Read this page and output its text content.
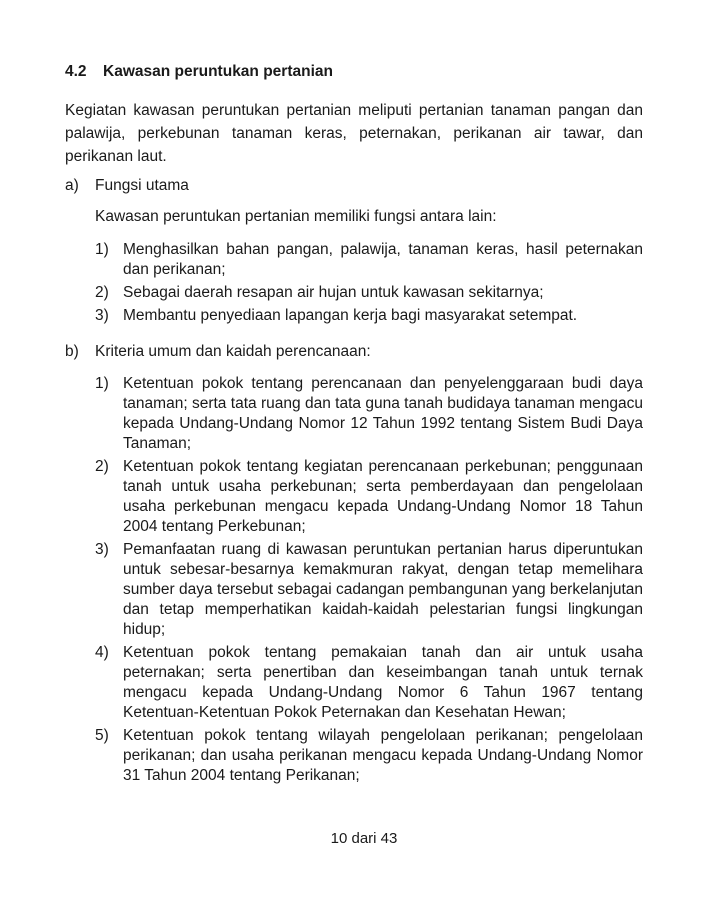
4.2 Kawasan peruntukan pertanian

Kegiatan kawasan peruntukan pertanian meliputi pertanian tanaman pangan dan palawija, perkebunan tanaman keras, peternakan, perikanan air tawar, dan perikanan laut.

a) Fungsi utama
Kawasan peruntukan pertanian memiliki fungsi antara lain:
1) Menghasilkan bahan pangan, palawija, tanaman keras, hasil peternakan dan perikanan;
2) Sebagai daerah resapan air hujan untuk kawasan sekitarnya;
3) Membantu penyediaan lapangan kerja bagi masyarakat setempat.
b) Kriteria umum dan kaidah perencanaan:
1) Ketentuan pokok tentang perencanaan dan penyelenggaraan budi daya tanaman; serta tata ruang dan tata guna tanah budidaya tanaman mengacu kepada Undang-Undang Nomor 12 Tahun 1992 tentang Sistem Budi Daya Tanaman;
2) Ketentuan pokok tentang kegiatan perencanaan perkebunan; penggunaan tanah untuk usaha perkebunan; serta pemberdayaan dan pengelolaan usaha perkebunan mengacu kepada Undang-Undang Nomor 18 Tahun 2004 tentang Perkebunan;
3) Pemanfaatan ruang di kawasan peruntukan pertanian harus diperuntukan untuk sebesar-besarnya kemakmuran rakyat, dengan tetap memelihara sumber daya tersebut sebagai cadangan pembangunan yang berkelanjutan dan tetap memperhatikan kaidah-kaidah pelestarian fungsi lingkungan hidup;
4) Ketentuan pokok tentang pemakaian tanah dan air untuk usaha peternakan; serta penertiban dan keseimbangan tanah untuk ternak mengacu kepada Undang-Undang Nomor 6 Tahun 1967 tentang Ketentuan-Ketentuan Pokok Peternakan dan Kesehatan Hewan;
5) Ketentuan pokok tentang wilayah pengelolaan perikanan; pengelolaan perikanan; dan usaha perikanan mengacu kepada Undang-Undang Nomor 31 Tahun 2004 tentang Perikanan;
10 dari 43
